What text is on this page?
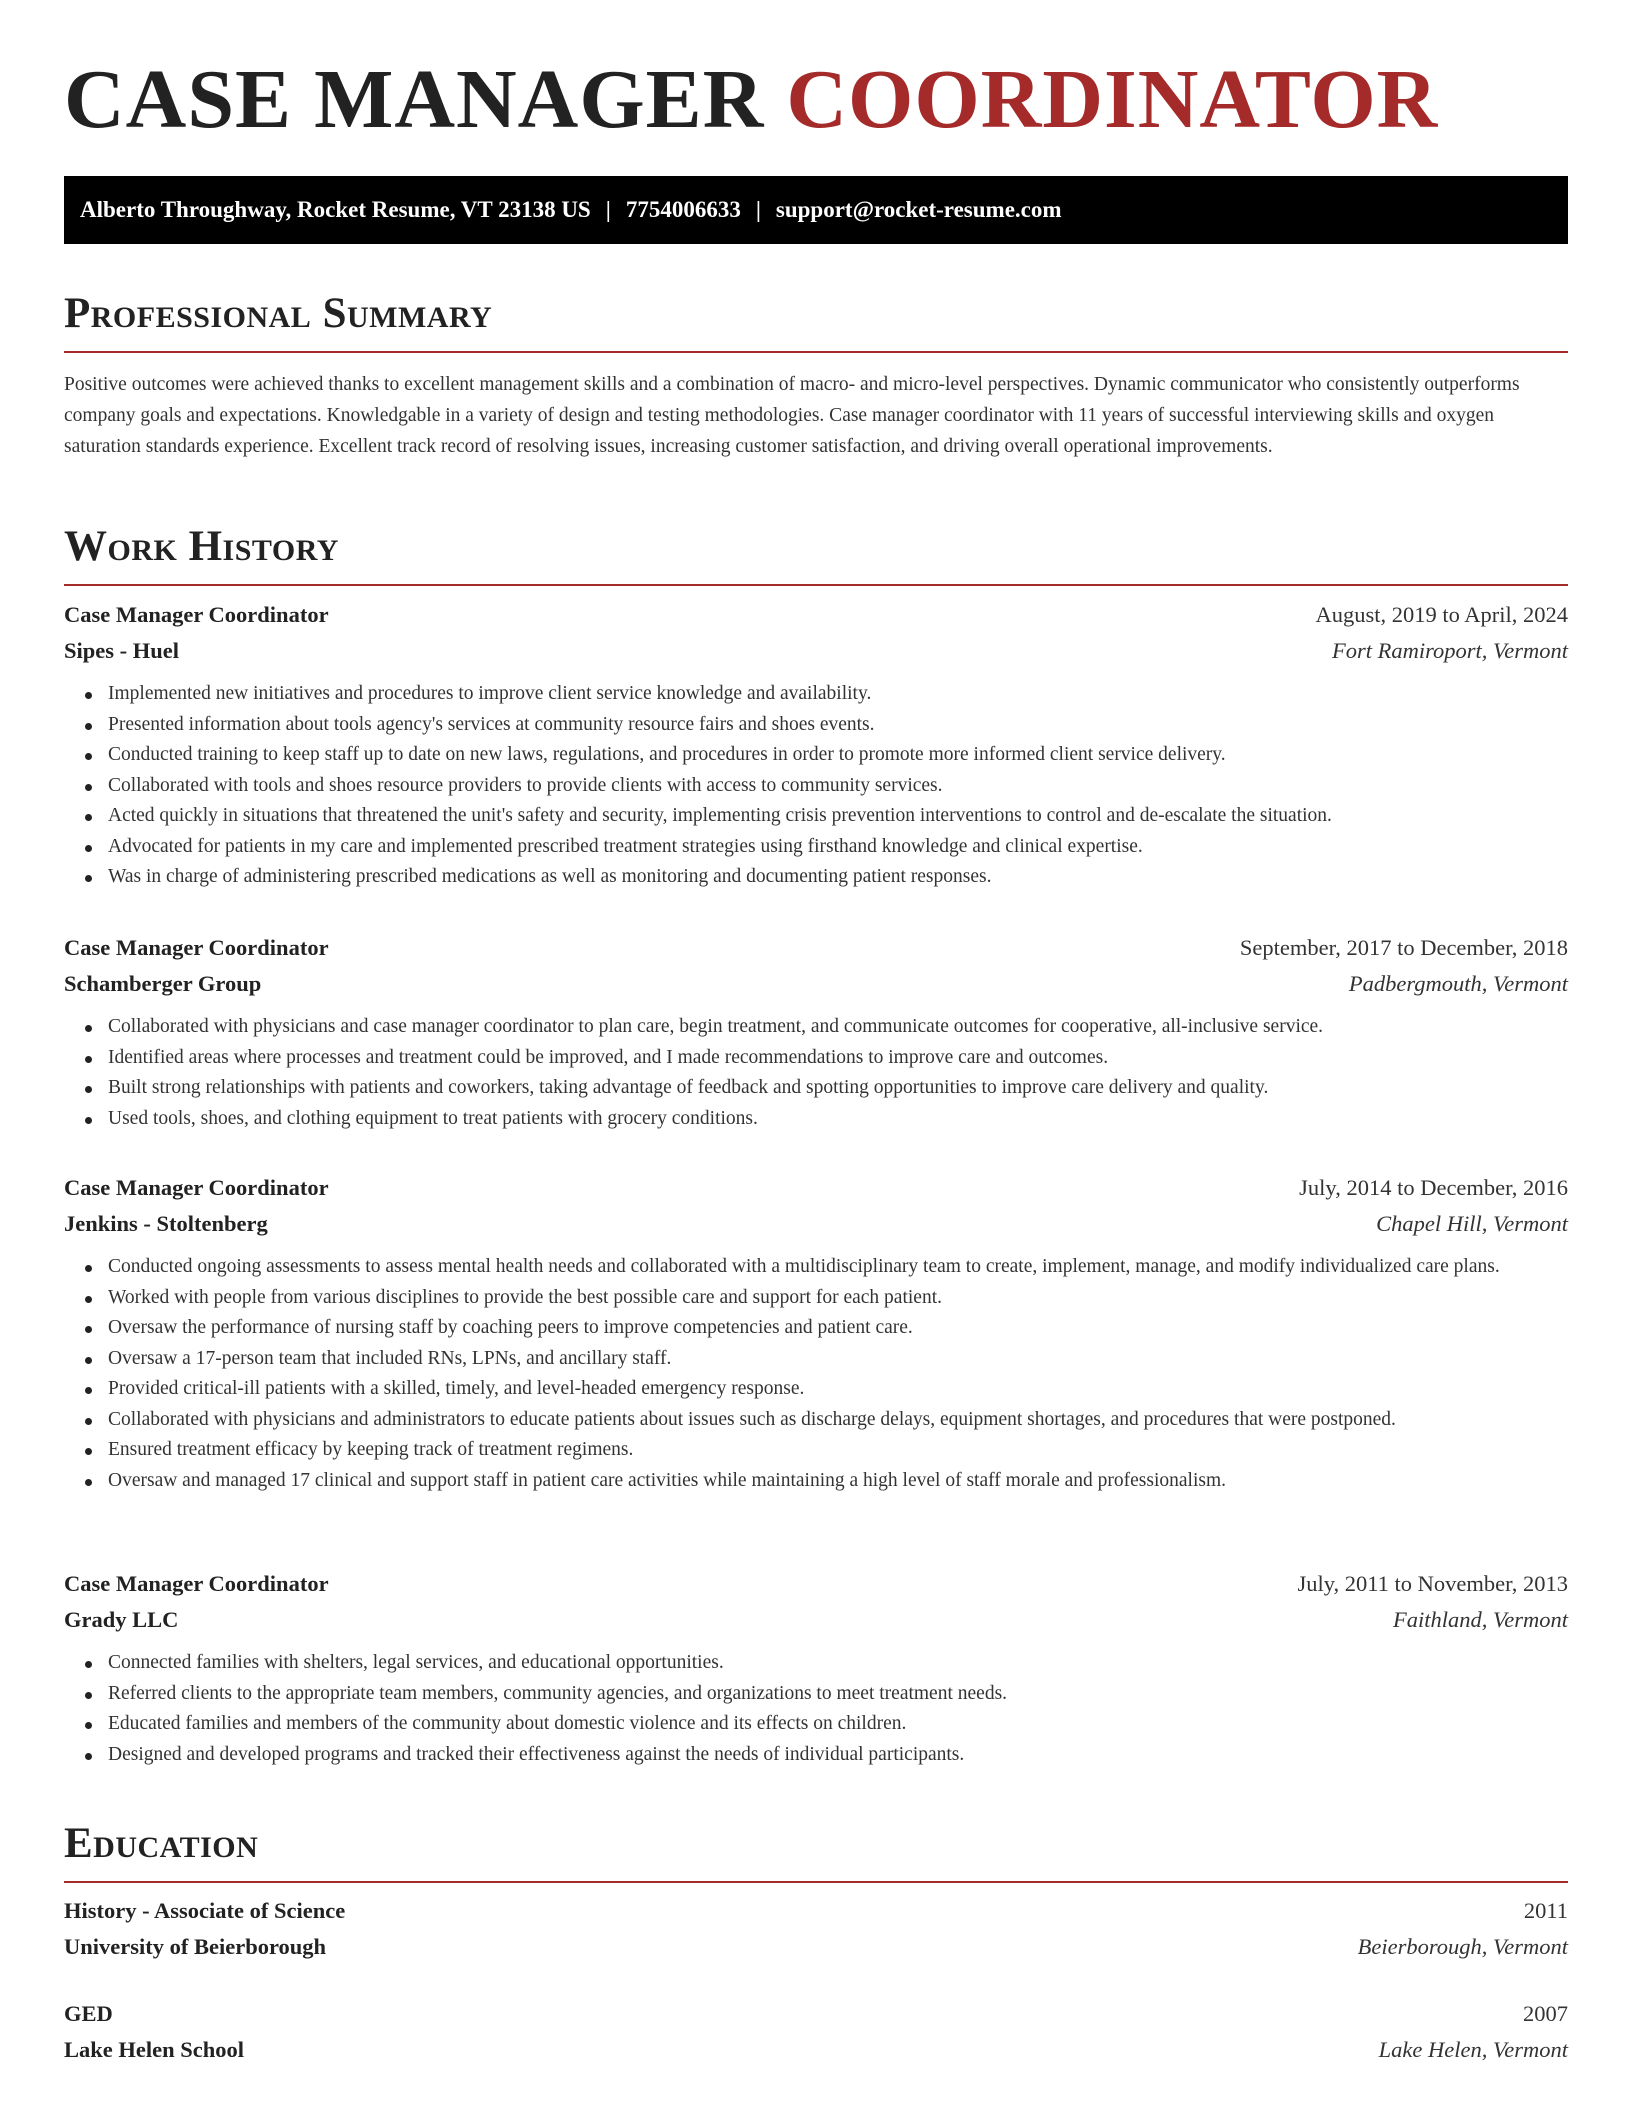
CASE MANAGER COORDINATOR
Alberto Throughway, Rocket Resume, VT 23138 US | 7754006633 | support@rocket-resume.com
Professional Summary

Positive outcomes were achieved thanks to excellent management skills and a combination of macro- and micro-level perspectives. Dynamic communicator who consistently outperforms company goals and expectations. Knowledgable in a variety of design and testing methodologies. Case manager coordinator with 11 years of successful interviewing skills and oxygen saturation standards experience. Excellent track record of resolving issues, increasing customer satisfaction, and driving overall operational improvements.

Work History
Case Manager Coordinator	August, 2019 to April, 2024
Sipes - Huel	Fort Ramiroport, Vermont
Implemented new initiatives and procedures to improve client service knowledge and availability.
Presented information about tools agency's services at community resource fairs and shoes events.
Conducted training to keep staff up to date on new laws, regulations, and procedures in order to promote more informed client service delivery.
Collaborated with tools and shoes resource providers to provide clients with access to community services.
Acted quickly in situations that threatened the unit's safety and security, implementing crisis prevention interventions to control and de-escalate the situation.
Advocated for patients in my care and implemented prescribed treatment strategies using firsthand knowledge and clinical expertise.
Was in charge of administering prescribed medications as well as monitoring and documenting patient responses.
Case Manager Coordinator	September, 2017 to December, 2018
Schamberger Group	Padbergmouth, Vermont
Collaborated with physicians and case manager coordinator to plan care, begin treatment, and communicate outcomes for cooperative, all-inclusive service.
Identified areas where processes and treatment could be improved, and I made recommendations to improve care and outcomes.
Built strong relationships with patients and coworkers, taking advantage of feedback and spotting opportunities to improve care delivery and quality.
Used tools, shoes, and clothing equipment to treat patients with grocery conditions.
Case Manager Coordinator	July, 2014 to December, 2016
Jenkins - Stoltenberg	Chapel Hill, Vermont
Conducted ongoing assessments to assess mental health needs and collaborated with a multidisciplinary team to create, implement, manage, and modify individualized care plans.
Worked with people from various disciplines to provide the best possible care and support for each patient.
Oversaw the performance of nursing staff by coaching peers to improve competencies and patient care.
Oversaw a 17-person team that included RNs, LPNs, and ancillary staff.
Provided critical-ill patients with a skilled, timely, and level-headed emergency response.
Collaborated with physicians and administrators to educate patients about issues such as discharge delays, equipment shortages, and procedures that were postponed.
Ensured treatment efficacy by keeping track of treatment regimens.
Oversaw and managed 17 clinical and support staff in patient care activities while maintaining a high level of staff morale and professionalism.
Case Manager Coordinator	July, 2011 to November, 2013
Grady LLC	Faithland, Vermont
Connected families with shelters, legal services, and educational opportunities.
Referred clients to the appropriate team members, community agencies, and organizations to meet treatment needs.
Educated families and members of the community about domestic violence and its effects on children.
Designed and developed programs and tracked their effectiveness against the needs of individual participants.
Education
History - Associate of Science	2011
University of Beierborough	Beierborough, Vermont
GED	2007
Lake Helen School	Lake Helen, Vermont
